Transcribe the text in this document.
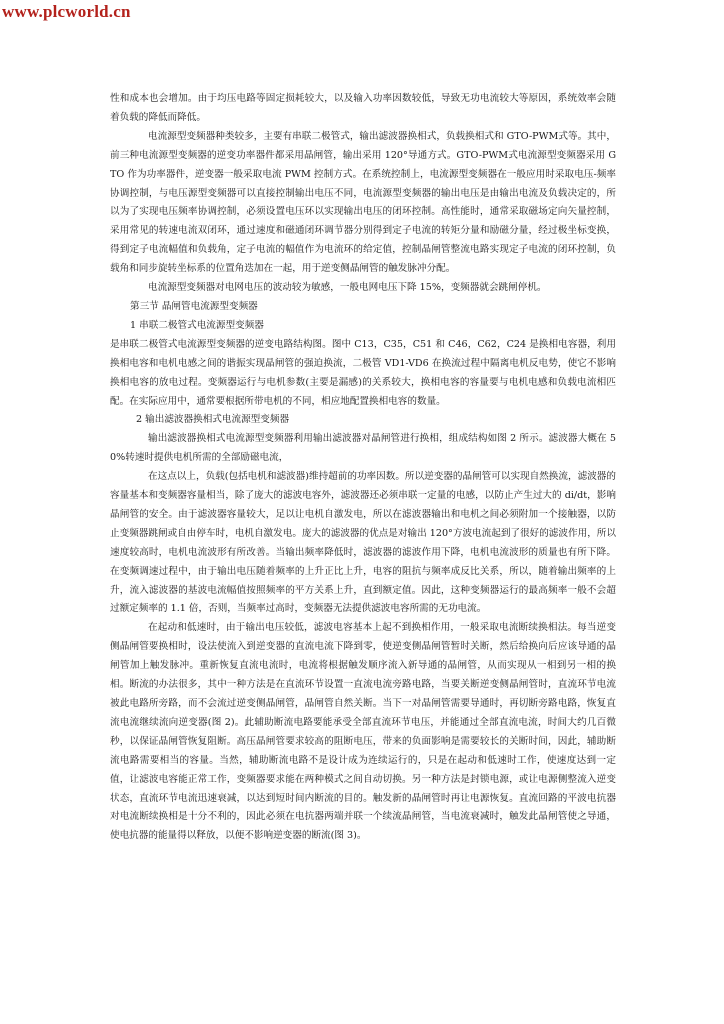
www.plcworld.cn

性和成本也会增加。由于均压电路等固定损耗较大，以及输入功率因数较低，导致无功电流较大等原因，系统效率会随着负载的降低而降低。

电流源型变频器种类较多，主要有串联二极管式，输出滤波器换相式，负载换相式和 GTO-PWM式等。其中，前三种电流源型变频器的逆变功率器件都采用晶闸管，输出采用 120°导通方式。GTO-PWM式电流源型变频器采用 GTO 作为功率器件，逆变器一般采取电流 PWM 控制方式。在系统控制上，电流源型变频器在一般应用时采取电压-频率协调控制，与电压源型变频器可以直接控制输出电压不同，电流源型变频器的输出电压是由输出电流及负载决定的，所以为了实现电压频率协调控制，必须设置电压环以实现输出电压的闭环控制。高性能时，通常采取磁场定向矢量控制，采用常见的转速电流双闭环，通过速度和磁通闭环调节器分别得到定子电流的转矩分量和励磁分量，经过极坐标变换，得到定子电流幅值和负载角，定子电流的幅值作为电流环的给定值，控制晶闸管整流电路实现定子电流的闭环控制，负载角和同步旋转坐标系的位置角迭加在一起，用于逆变侧晶闸管的触发脉冲分配。

电流源型变频器对电网电压的波动较为敏感，一般电网电压下降 15%，变频器就会跳闸停机。

第三节 晶闸管电流源型变频器

1 串联二极管式电流源型变频器

是串联二极管式电流源型变频器的逆变电路结构图。图中 C13，C35，C51 和 C46，C62，C24 是换相电容器，利用换相电容和电机电感之间的谐振实现晶闸管的强迫换流，二极管 VD1-VD6 在换流过程中隔离电机反电势，使它不影响换相电容的放电过程。变频器运行与电机参数(主要是漏感)的关系较大，换相电容的容量要与电机电感和负载电流相匹配。在实际应用中，通常要根据所带电机的不同，相应地配置换相电容的数量。

2 输出滤波器换相式电流源型变频器

输出滤波器换相式电流源型变频器利用输出滤波器对晶闸管进行换相，组成结构如图 2 所示。滤波器大概在 50%转速时提供电机所需的全部励磁电流，

在这点以上，负载(包括电机和滤波器)维持超前的功率因数。所以逆变器的晶闸管可以实现自然换流，滤波器的容量基本和变频器容量相当，除了庞大的滤波电容外，滤波器还必须串联一定量的电感，以防止产生过大的 di/dt，影响晶闸管的安全。由于滤波器容量较大，足以让电机自激发电，所以在滤波器输出和电机之间必须附加一个接触器，以防止变频器跳闸或自由停车时，电机自激发电。庞大的滤波器的优点是对输出 120°方波电流起到了很好的滤波作用，所以速度较高时，电机电流波形有所改善。当输出频率降低时，滤波器的滤波作用下降，电机电流波形的质量也有所下降。在变频调速过程中，由于输出电压随着频率的上升正比上升，电容的阻抗与频率成反比关系，所以，随着输出频率的上升，流入滤波器的基波电流幅值按照频率的平方关系上升，直到额定值。因此，这种变频器运行的最高频率一般不会超过额定频率的 1.1 倍，否则，当频率过高时，变频器无法提供滤波电容所需的无功电流。

在起动和低速时，由于输出电压较低，滤波电容基本上起不到换相作用，一般采取电流断续换相法。每当逆变侧晶闸管要换相时，设法使流入到逆变器的直流电流下降到零，使逆变侧晶闸管暂时关断，然后给换向后应该导通的晶闸管加上触发脉冲。重新恢复直流电流时，电流将根据触发顺序流入新导通的晶闸管，从而实现从一相到另一相的换相。断流的办法很多，其中一种方法是在直流环节设置一直流电流旁路电路，当要关断逆变侧晶闸管时，直流环节电流被此电路所旁路，而不会流过逆变侧晶闸管，晶闸管自然关断。当下一对晶闸管需要导通时，再切断旁路电路，恢复直流电流继续流向逆变器(图 2)。此辅助断流电路要能承受全部直流环节电压，并能通过全部直流电流，时间大约几百微秒，以保证晶闸管恢复阻断。高压晶闸管要求较高的阻断电压，带来的负面影响是需要较长的关断时间，因此，辅助断流电路需要相当的容量。当然，辅助断流电路不是设计成为连续运行的，只是在起动和低速时工作，使速度达到一定值，让滤波电容能正常工作，变频器要求能在两种模式之间自动切换。另一种方法是封锁电源，或让电源侧整流入逆变状态，直流环节电流迅速衰减，以达到短时间内断流的目的。触发新的晶闸管时再让电源恢复。直流回路的平波电抗器对电流断续换相是十分不利的，因此必须在电抗器两端并联一个续流晶闸管，当电流衰减时，触发此晶闸管使之导通，使电抗器的能量得以释放，以便不影响逆变器的断流(图 3)。
